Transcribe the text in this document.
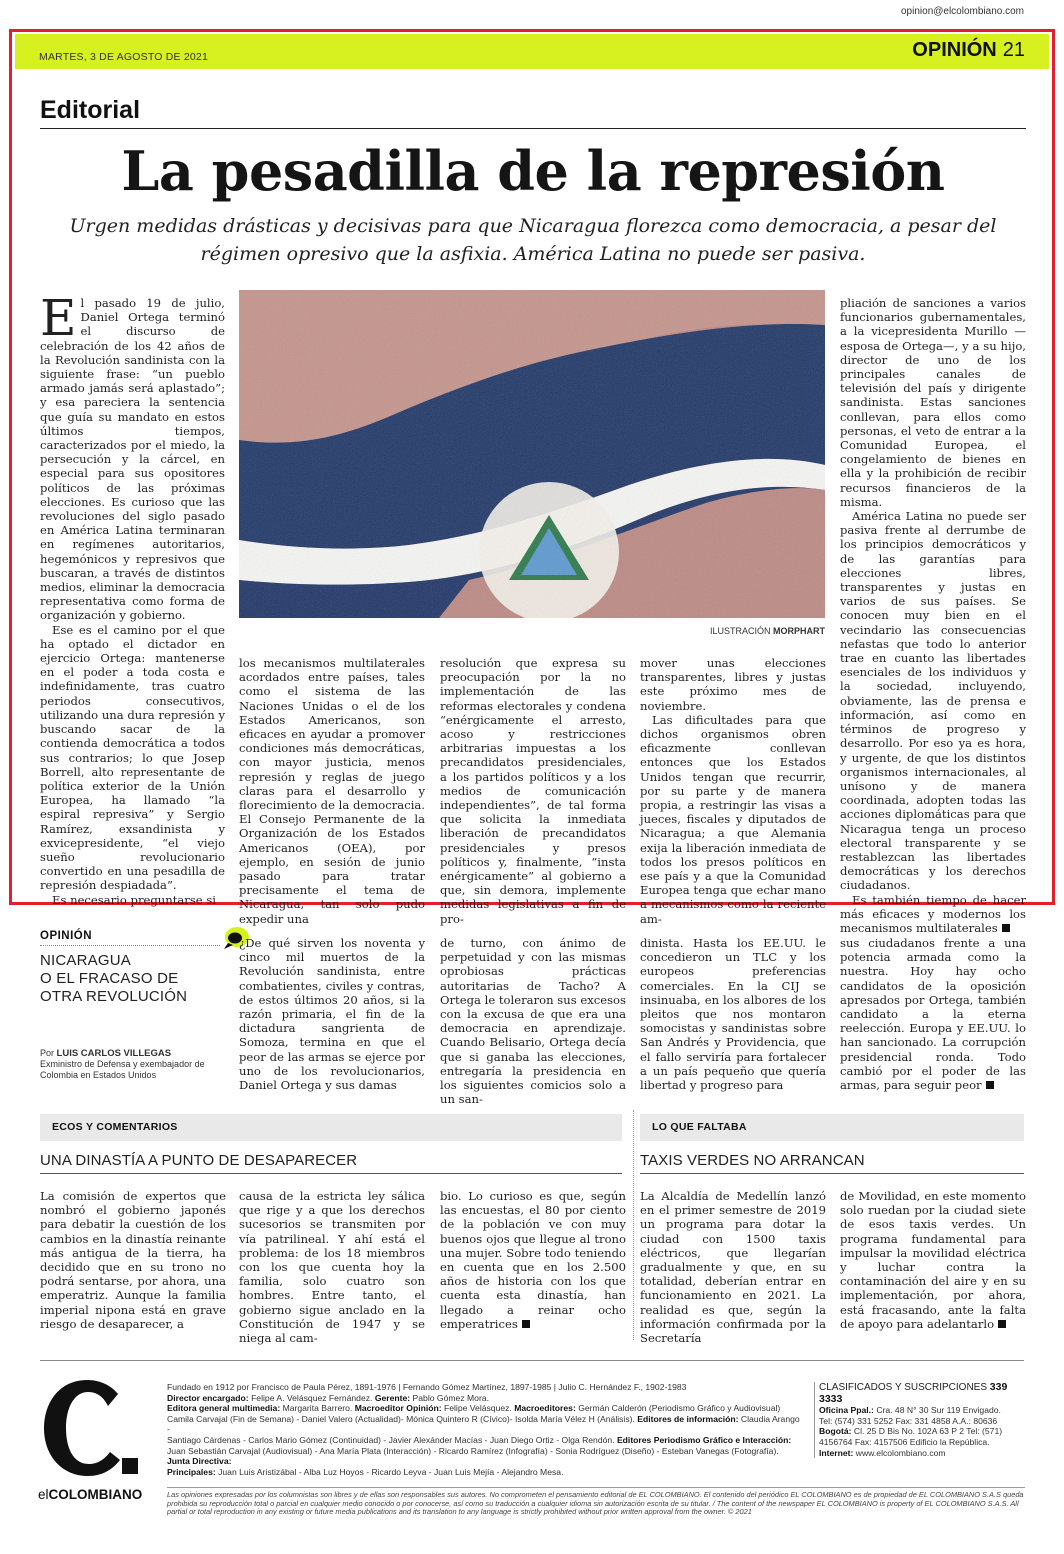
opinion@elcolombiano.com
MARTES, 3 DE AGOSTO DE 2021	OPINIÓN 21
Editorial
La pesadilla de la represión
Urgen medidas drásticas y decisivas para que Nicaragua florezca como democracia, a pesar del régimen opresivo que la asfixia. América Latina no puede ser pasiva.

El pasado 19 de julio, Daniel Ortega terminó el discurso de celebración de los 42 años de la Revolución sandinista con la siguiente frase: “un pueblo armado jamás será aplastado”; y esa pareciera la sentencia que guía su mandato en estos últimos tiempos, caracterizados por el miedo, la persecución y la cárcel, en especial para sus opositores políticos de las próximas elecciones. Es curioso que las revoluciones del siglo pasado en América Latina terminaran en regímenes autoritarios, hegemónicos y represivos que buscaran, a través de distintos medios, eliminar la democracia representativa como forma de organización y gobierno.

Ese es el camino por el que ha optado el dictador en ejercicio Ortega: mantenerse en el poder a toda costa e indefinidamente, tras cuatro periodos consecutivos, utilizando una dura represión y buscando sacar de la contienda democrática a todos sus contrarios; lo que Josep Borrell, alto representante de política exterior de la Unión Europea, ha llamado “la espiral represiva” y Sergio Ramírez, exsandinista y exvicepresidente, “el viejo sueño revolucionario convertido en una pesadilla de represión despiadada”.

Es necesario preguntarse si

ILUSTRACIÓN MORPHART

los mecanismos multilaterales acordados entre países, tales como el sistema de las Naciones Unidas o el de los Estados Americanos, son eficaces en ayudar a promover condiciones más democráticas, con mayor justicia, menos represión y reglas de juego claras para el desarrollo y florecimiento de la democracia. El Consejo Permanente de la Organización de los Estados Americanos (OEA), por ejemplo, en sesión de junio pasado para tratar precisamente el tema de Nicaragua, tan solo pudo expedir una

resolución que expresa su preocupación por la no implementación de las reformas electorales y condena “enérgicamente el arresto, acoso y restricciones arbitrarias impuestas a los precandidatos presidenciales, a los partidos políticos y a los medios de comunicación independientes”, de tal forma que solicita la inmediata liberación de precandidatos presidenciales y presos políticos y, finalmente, “insta enérgicamente” al gobierno a que, sin demora, implemente medidas legislativas a fin de pro-

mover unas elecciones transparentes, libres y justas este próximo mes de noviembre.

Las dificultades para que dichos organismos obren eficazmente conllevan entonces que los Estados Unidos tengan que recurrir, por su parte y de manera propia, a restringir las visas a jueces, fiscales y diputados de Nicaragua; a que Alemania exija la liberación inmediata de todos los presos políticos en ese país y a que la Comunidad Europea tenga que echar mano a mecanismos como la reciente am-

pliación de sanciones a varios funcionarios gubernamentales, a la vicepresidenta Murillo —esposa de Ortega—, y a su hijo, director de uno de los principales canales de televisión del país y dirigente sandinista. Estas sanciones conllevan, para ellos como personas, el veto de entrar a la Comunidad Europea, el congelamiento de bienes en ella y la prohibición de recibir recursos financieros de la misma.

América Latina no puede ser pasiva frente al derrumbe de los principios democráticos y de las garantías para elecciones libres, transparentes y justas en varios de sus países. Se conocen muy bien en el vecindario las consecuencias nefastas que todo lo anterior trae en cuanto las libertades esenciales de los individuos y la sociedad, incluyendo, obviamente, las de prensa e información, así como en términos de progreso y desarrollo. Por eso ya es hora, y urgente, de que los distintos organismos internacionales, al unísono y de manera coordinada, adopten todas las acciones diplomáticas para que Nicaragua tenga un proceso electoral transparente y se restablezcan las libertades democráticas y los derechos ciudadanos.

Es también tiempo de hacer más eficaces y modernos los mecanismos multilaterales

OPINIÓN
NICARAGUA
O EL FRACASO DE
OTRA REVOLUCIÓN
Por LUIS CARLOS VILLEGAS
Exministro de Defensa y exembajador de Colombia en Estados Unidos

¿De qué sirven los noventa y cinco mil muertos de la Revolución sandinista, entre combatientes, civiles y contras, de estos últimos 20 años, si la razón primaria, el fin de la dictadura sangrienta de Somoza, termina en que el peor de las armas se ejerce por uno de los revolucionarios, Daniel Ortega y sus damas

de turno, con ánimo de perpetuidad y con las mismas oprobiosas prácticas autoritarias de Tacho? A Ortega le toleraron sus excesos con la excusa de que era una democracia en aprendizaje. Cuando Belisario, Ortega decía que si ganaba las elecciones, entregaría la presidencia en los siguientes comicios solo a un san-

dinista. Hasta los EE.UU. le concedieron un TLC y los europeos preferencias comerciales. En la CIJ se insinuaba, en los albores de los pleitos que nos montaron somocistas y sandinistas sobre San Andrés y Providencia, que el fallo serviría para fortalecer a un país pequeño que quería libertad y progreso para

sus ciudadanos frente a una potencia armada como la nuestra. Hoy hay ocho candidatos de la oposición apresados por Ortega, también candidato a la eterna reelección. Europa y EE.UU. lo han sancionado. La corrupción presidencial ronda. Todo cambió por el poder de las armas, para seguir peor

ECOS Y COMENTARIOS
UNA DINASTÍA A PUNTO DE DESAPARECER

La comisión de expertos que nombró el gobierno japonés para debatir la cuestión de los cambios en la dinastía reinante más antigua de la tierra, ha decidido que en su trono no podrá sentarse, por ahora, una emperatriz. Aunque la familia imperial nipona está en grave riesgo de desaparecer, a

causa de la estricta ley sálica que rige y a que los derechos sucesorios se transmiten por vía patrilineal. Y ahí está el problema: de los 18 miembros con los que cuenta hoy la familia, solo cuatro son hombres. Entre tanto, el gobierno sigue anclado en la Constitución de 1947 y se niega al cam-

bio. Lo curioso es que, según las encuestas, el 80 por ciento de la población ve con muy buenos ojos que llegue al trono una mujer. Sobre todo teniendo en cuenta que en los 2.500 años de historia con los que cuenta esta dinastía, han llegado a reinar ocho emperatrices

LO QUE FALTABA
TAXIS VERDES NO ARRANCAN

La Alcaldía de Medellín lanzó en el primer semestre de 2019 un programa para dotar la ciudad con 1500 taxis eléctricos, que llegarían gradualmente y que, en su totalidad, deberían entrar en funcionamiento en 2021. La realidad es que, según la información confirmada por la Secretaría

de Movilidad, en este momento solo ruedan por la ciudad siete de esos taxis verdes. Un programa fundamental para impulsar la movilidad eléctrica y luchar contra la contaminación del aire y en su implementación, por ahora, está fracasando, ante la falta de apoyo para adelantarlo

elCOLOMBIANO
Fundado en 1912 por Francisco de Paula Pérez, 1891-1976 | Fernando Gómez Martínez, 1897-1985 | Julio C. Hernández F., 1902-1983
Director encargado: Felipe A. Velásquez Fernández. Gerente: Pablo Gómez Mora.
Editora general multimedia: Margarita Barrero. Macroeditor Opinión: Felipe Velásquez. Macroeditores: Germán Calderón (Periodismo Gráfico y Audiovisual)
Camila Carvajal (Fin de Semana) - Daniel Valero (Actualidad)- Mónica Quintero R (Cívico)- Isolda María Vélez H (Análisis). Editores de información: Claudia Arango -
Santiago Cárdenas - Carlos Mario Gómez (Continuidad) - Javier Alexánder Macías - Juan Diego Ortiz - Olga Rendón. Editores Periodismo Gráfico e Interacción:
Juan Sebastián Carvajal (Audiovisual) - Ana María Plata (Interacción) - Ricardo Ramírez (Infografía) - Sonia Rodríguez (Diseño) - Esteban Vanegas (Fotografía).
Junta Directiva:
Principales: Juan Luis Aristizábal - Alba Luz Hoyos - Ricardo Leyva - Juan Luis Mejía - Alejandro Mesa.
CLASIFICADOS Y SUSCRIPCIONES 339 3333
Oficina Ppal.: Cra. 48 N° 30 Sur 119 Envigado.
Tel: (574) 331 5252 Fax: 331 4858 A.A.: 80636
Bogotá: Cl. 25 D Bis No. 102A 63 P 2 Tel: (571)
4156764 Fax: 4157506 Edificio la República.
Internet: www.elcolombiano.com
Las opiniones expresadas por los columnistas son libres y de ellas son responsables sus autores. No comprometen el pensamiento editorial de EL COLOMBIANO. El contenido del periódico EL COLOMBIANO es de propiedad de EL COLOMBIANO S.A.S queda prohibida su reproducción total o parcial en cualquier medio conocido o por conocerse, así como su traducción a cualquier idioma sin autorización escrita de su titular. / The content of the newspaper EL COLOMBIANO is property of EL COLOMBIANO S.A.S. All partial or total reproduction in any existing or future media publications and its translation to any language is strictly prohibited without prior written approval from the owner. © 2021
